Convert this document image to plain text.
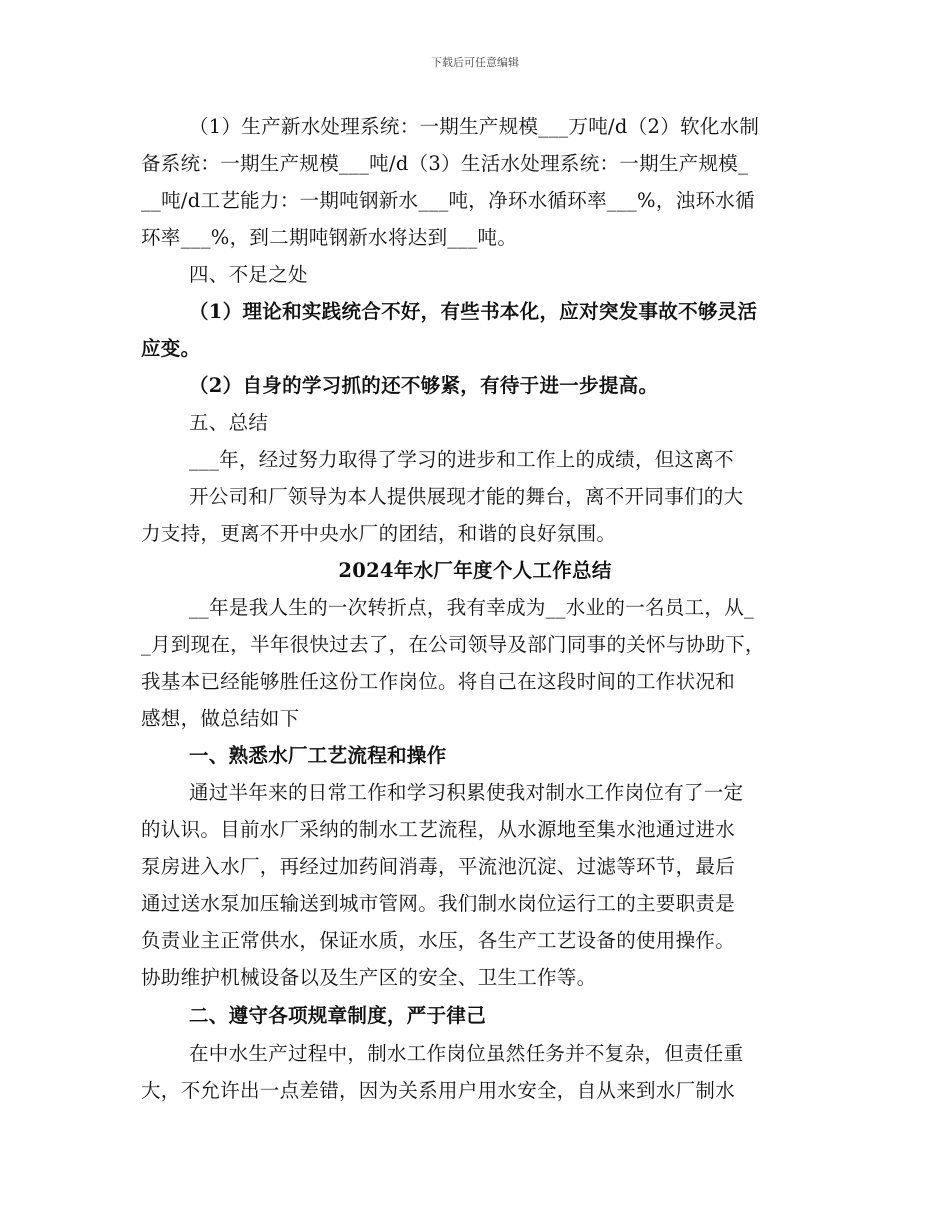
下载后可任意编辑
（1）生产新水处理系统：一期生产规模___万吨/d（2）软化水制
备系统：一期生产规模___吨/d（3）生活水处理系统：一期生产规模_
__吨/d工艺能力：一期吨钢新水___吨，净环水循环率___%，浊环水循
环率___%，到二期吨钢新水将达到___吨。
四、不足之处
（1）理论和实践统合不好，有些书本化，应对突发事故不够灵活
应变。
（2）自身的学习抓的还不够紧，有待于进一步提高。
五、总结
___年，经过努力取得了学习的进步和工作上的成绩，但这离不
开公司和厂领导为本人提供展现才能的舞台，离不开同事们的大
力支持，更离不开中央水厂的团结，和谐的良好氛围。
2024年水厂年度个人工作总结
__年是我人生的一次转折点，我有幸成为__水业的一名员工，从_
_月到现在，半年很快过去了，在公司领导及部门同事的关怀与协助下，
我基本已经能够胜任这份工作岗位。将自己在这段时间的工作状况和
感想，做总结如下
一、熟悉水厂工艺流程和操作
通过半年来的日常工作和学习积累使我对制水工作岗位有了一定
的认识。目前水厂采纳的制水工艺流程，从水源地至集水池通过进水
泵房进入水厂，再经过加药间消毒，平流池沉淀、过滤等环节，最后
通过送水泵加压输送到城市管网。我们制水岗位运行工的主要职责是
负责业主正常供水，保证水质，水压，各生产工艺设备的使用操作。
协助维护机械设备以及生产区的安全、卫生工作等。
二、遵守各项规章制度，严于律己
在中水生产过程中，制水工作岗位虽然任务并不复杂，但责任重
大，不允许出一点差错，因为关系用户用水安全，自从来到水厂制水
